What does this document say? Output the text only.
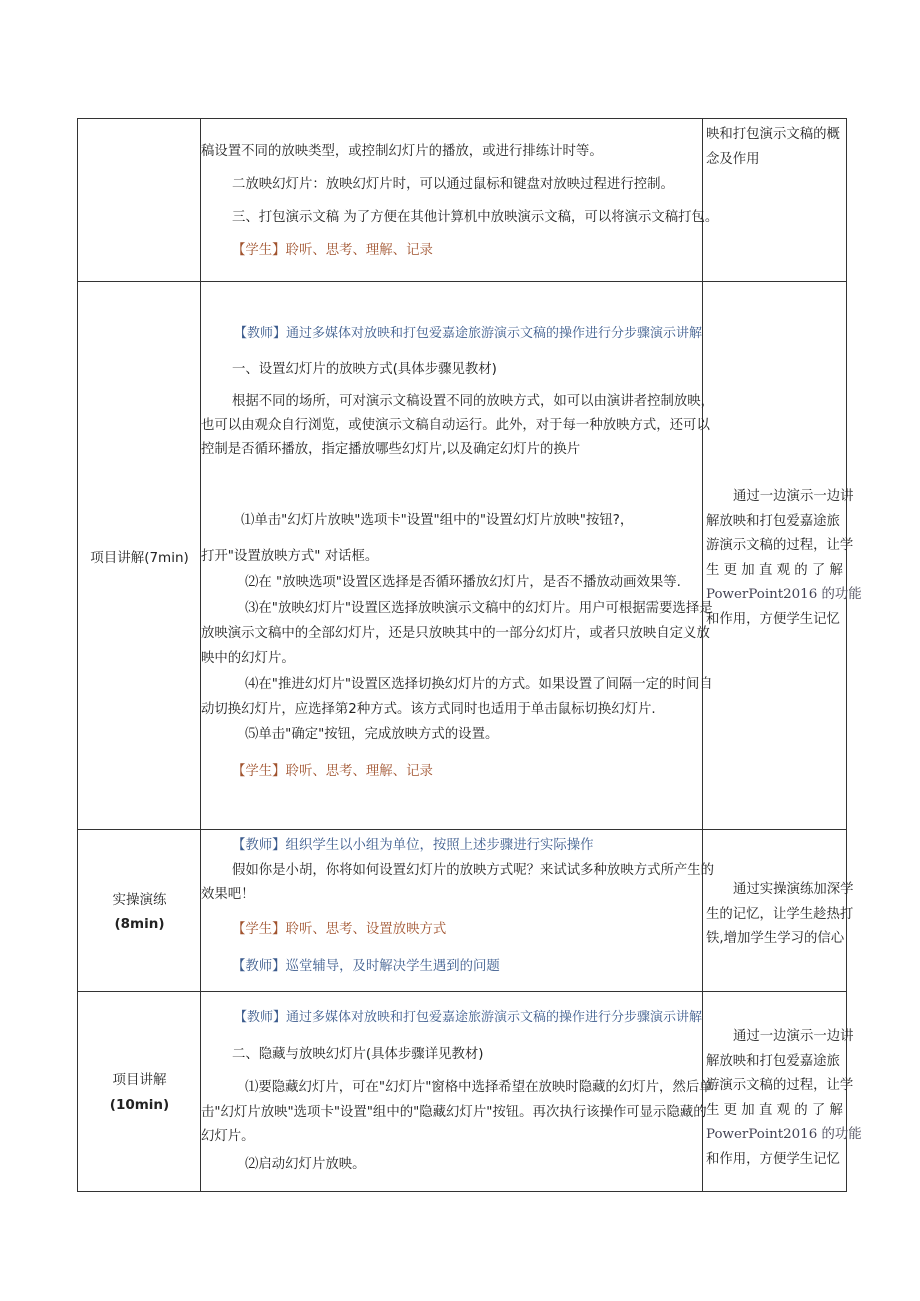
稿设置不同的放映类型，或控制幻灯片的播放，或进行排练计时等。
二放映幻灯片：放映幻灯片时，可以通过鼠标和键盘对放映过程进行控制。
三、打包演示文稿 为了方便在其他计算机中放映演示文稿，可以将演示文稿打包。
【学生】聆听、思考、理解、记录
映和打包演示文稿的概
念及作用
项目讲解(7min)
【教师】通过多媒体对放映和打包爱嘉途旅游演示文稿的操作进行分步骤演示讲解
一、设置幻灯片的放映方式(具体步骤见教材)
根据不同的场所，可对演示文稿设置不同的放映方式，如可以由演讲者控制放映，
也可以由观众自行浏览，或使演示文稿自动运行。此外，对于每一种放映方式，还可以
控制是否循环播放，指定播放哪些幻灯片,以及确定幻灯片的换片
⑴单击"幻灯片放映"选项卡"设置"组中的"设置幻灯片放映"按钮?，
打开"设置放映方式" 对话框。
⑵在 "放映选项"设置区选择是否循环播放幻灯片，是否不播放动画效果等.
⑶在"放映幻灯片"设置区选择放映演示文稿中的幻灯片。用户可根据需要选择是
放映演示文稿中的全部幻灯片，还是只放映其中的一部分幻灯片，或者只放映自定义放
映中的幻灯片。
⑷在"推进幻灯片"设置区选择切换幻灯片的方式。如果设置了间隔一定的时间自
动切换幻灯片，应选择第2种方式。该方式同时也适用于单击鼠标切换幻灯片.
⑸单击"确定"按钮，完成放映方式的设置。
【学生】聆听、思考、理解、记录
通过一边演示一边讲
解放映和打包爱嘉途旅
游演示文稿的过程，让学
生 更 加 直 观 的 了 解
PowerPoint2016 的功能
和作用，方便学生记忆
实操演练
(8min)
【教师】组织学生以小组为单位，按照上述步骤进行实际操作
假如你是小胡，你将如何设置幻灯片的放映方式呢？来试试多种放映方式所产生的
效果吧！
【学生】聆听、思考、设置放映方式
【教师】巡堂辅导，及时解决学生遇到的问题
通过实操演练加深学
生的记忆，让学生趁热打
铁,增加学生学习的信心
项目讲解
(10min)
【教师】通过多媒体对放映和打包爱嘉途旅游演示文稿的操作进行分步骤演示讲解
二、隐藏与放映幻灯片(具体步骤详见教材)
⑴要隐藏幻灯片，可在"幻灯片"窗格中选择希望在放映时隐藏的幻灯片，然后单
击"幻灯片放映"选项卡"设置"组中的"隐藏幻灯片"按钮。再次执行该操作可显示隐藏的
幻灯片。
⑵启动幻灯片放映。
通过一边演示一边讲
解放映和打包爱嘉途旅
游演示文稿的过程，让学
生 更 加 直 观 的 了 解
PowerPoint2016 的功能
和作用，方便学生记忆
